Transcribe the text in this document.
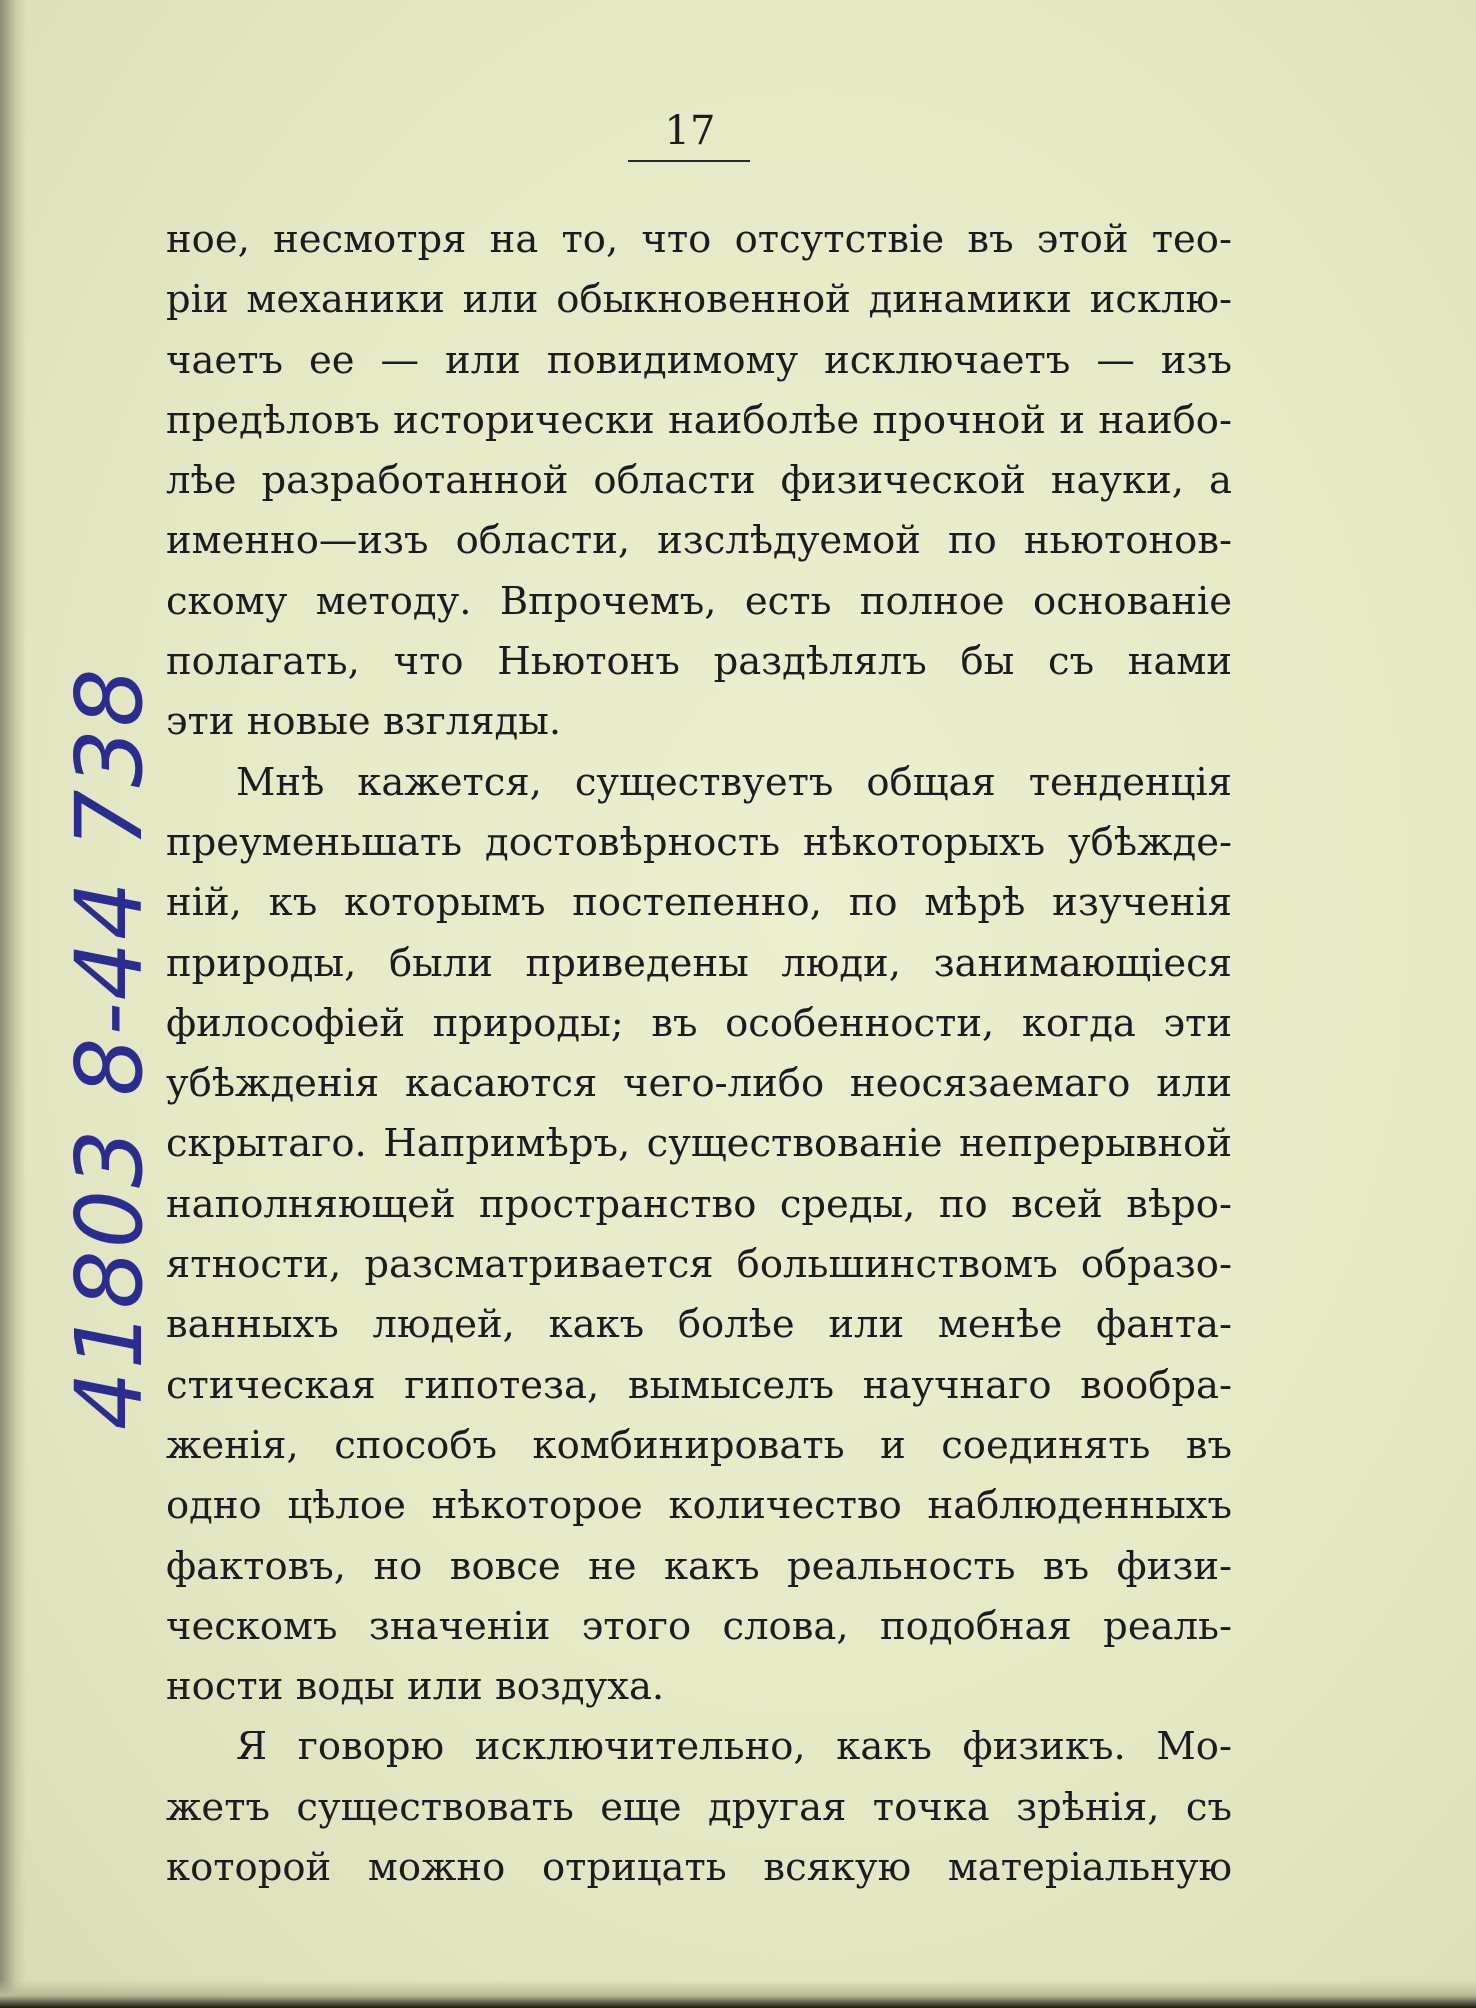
17
41803 8-44 738
ное, несмотря на то, что отсутствіе въ этой тео-
ріи механики или обыкновенной динамики исклю-
чаетъ ее — или повидимому исключаетъ — изъ
предѣловъ исторически наиболѣе прочной и наибо-
лѣе разработанной области физической науки, а
именно—изъ области, изслѣдуемой по ньютонов-
скому методу. Впрочемъ, есть полное основаніе
полагать, что Ньютонъ раздѣлялъ бы съ нами
эти новые взгляды.
Мнѣ кажется, существуетъ общая тенденція
преуменьшать достовѣрность нѣкоторыхъ убѣжде-
ній, къ которымъ постепенно, по мѣрѣ изученія
природы, были приведены люди, занимающіеся
философіей природы; въ особенности, когда эти
убѣжденія касаются чего-либо неосязаемаго или
скрытаго. Напримѣръ, существованіе непрерывной
наполняющей пространство среды, по всей вѣро-
ятности, разсматривается большинствомъ образо-
ванныхъ людей, какъ болѣе или менѣе фанта-
стическая гипотеза, вымыселъ научнаго вообра-
женія, способъ комбинировать и соединять въ
одно цѣлое нѣкоторое количество наблюденныхъ
фактовъ, но вовсе не какъ реальность въ физи-
ческомъ значеніи этого слова, подобная реаль-
ности воды или воздуха.
Я говорю исключительно, какъ физикъ. Мо-
жетъ существовать еще другая точка зрѣнія, съ
которой можно отрицать всякую матеріальную
